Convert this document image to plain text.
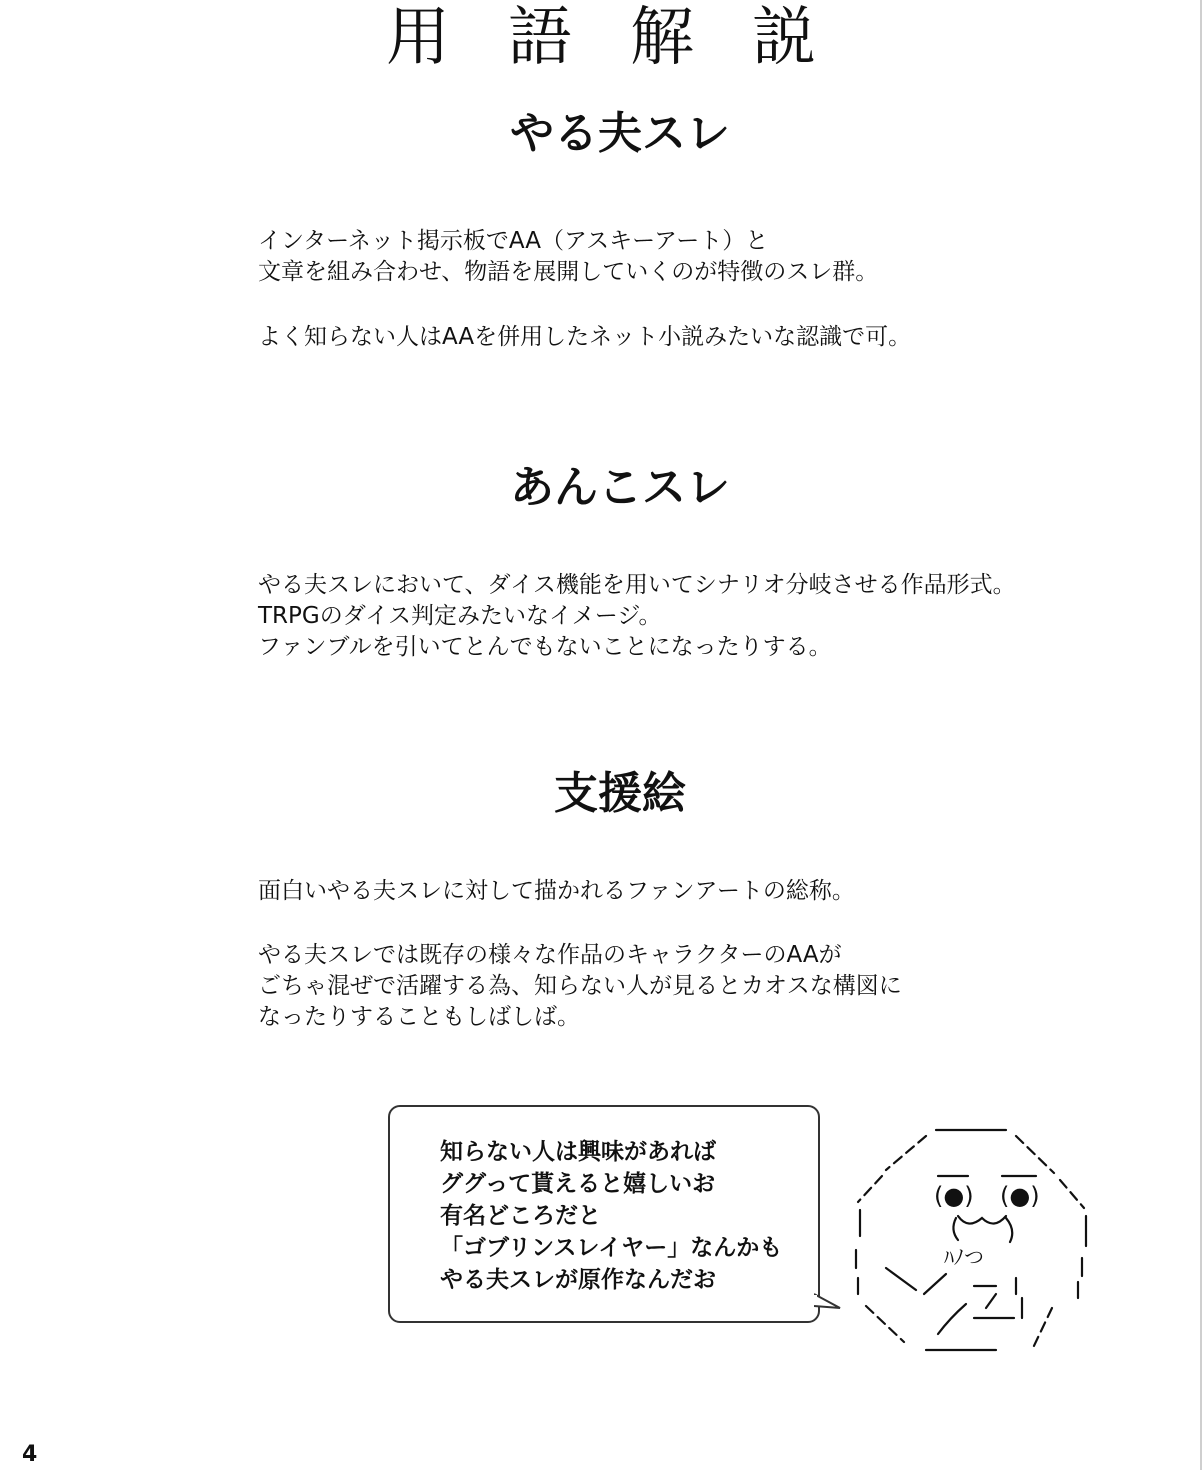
用語解説
やる夫スレ
インターネット掲示板でAA（アスキーアート）と
文章を組み合わせ、物語を展開していくのが特徴のスレ群。
よく知らない人はAAを併用したネット小説みたいな認識で可。
あんこスレ
やる夫スレにおいて、ダイス機能を用いてシナリオ分岐させる作品形式。
TRPGのダイス判定みたいなイメージ。
ファンブルを引いてとんでもないことになったりする。
支援絵
面白いやる夫スレに対して描かれるファンアートの総称。
やる夫スレでは既存の様々な作品のキャラクターのAAが
ごちゃ混ぜで活躍する為、知らない人が見るとカオスな構図に
なったりすることもしばしば。
知らない人は興味があれば
ググって貰えると嬉しいお
有名どころだと
「ゴブリンスレイヤー」なんかも
やる夫スレが原作なんだお
(●) (●)
ﾊﾉつ
4
